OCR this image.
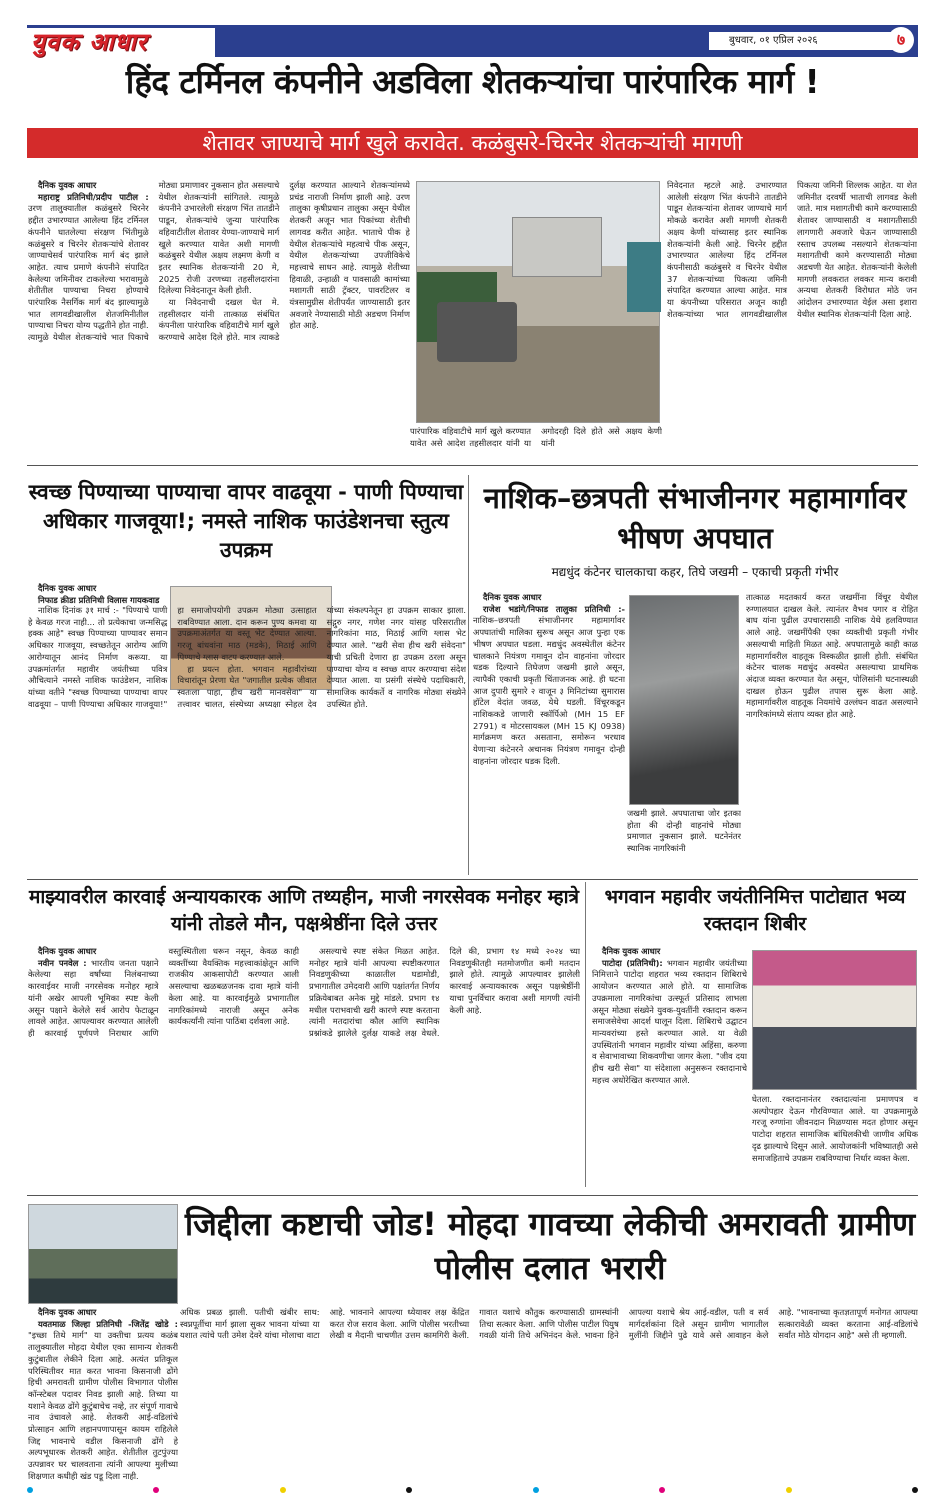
युवक आधार	बुधवार, ०१ एप्रिल २०२६	७
हिंद टर्मिनल कंपनीने अडविला शेतकऱ्यांचा पारंपारिक मार्ग !
शेतावर जाण्याचे मार्ग खुले करावेत. कळंबुसरे-चिरनेर शेतकऱ्यांची मागणी

दैनिक युवक आधार

महाराष्ट्र प्रतिनिधी/प्रदीप पाटील : उरण तालुक्यातील कळंबुसरे चिरनेर हद्दीत उभारण्यात आलेल्या हिंद टर्मिनल कंपनीने घातलेल्या संरक्षण भिंतीमुळे कळंबुसरे व चिरनेर शेतकऱ्यांचे शेतावर जाण्याचेसर्व पारंपारिक मार्ग बंद झाले आहेत. त्याच प्रमाणे कंपनीने संपादित केलेल्या जमिनीवर टाकलेल्या भरावामुळे शेतीतील पाण्याचा निचरा होण्याचे पारंपारिक नैसर्गिक मार्ग बंद झाल्यामुळे भात लागवडीखालील शेतजमिनीतील पाण्याचा निचरा योग्य पद्धतीने होत नाही. त्यामुळे येथील शेतकऱ्यांचे भात पिकाचे मोठ्या प्रमाणावर नुकसान होत असल्याचे येथील शेतकऱ्यांनी सांगितले. त्यामुळे कंपनीने उभारलेली संरक्षण भिंत तातडीने पाडून, शेतकऱ्यांचे जुन्या पारंपारिक वहिवाटीतील शेतावर येण्या-जाण्याचे मार्ग खुले करण्यात यावेत अशी मागणी कळंबुसरे येथील अक्षय लक्ष्मण केणी व इतर स्थानिक शेतकऱ्यांनी 20 मे, 2025 रोजी उरणच्या तहसीलदारांना दिलेल्या निवेदनातून केली होती.

या निवेदनाची दखल घेत मे. तहसीलदार यांनी तात्काळ संबंधित कंपनीला पारंपारिक वहिवाटीचे मार्ग खुले करण्याचे आदेश दिले होते. मात्र त्याकडे दुर्लक्ष करण्यात आल्याने शेतकऱ्यांमध्ये प्रचंड नाराजी निर्माण झाली आहे. उरण तालुका कृषीप्रधान तालुका असून येथील शेतकरी अजून भात पिकांच्या शेतीची लागवड करीत आहेत. भाताचे पीक हे येथील शेतकऱ्यांचे महत्वाचे पीक असून, येथील शेतकऱ्यांच्या उपजीविकेचे महत्त्वाचे साधन आहे. त्यामुळे शेतीच्या हिवाळी, उन्हाळी व पावसाळी कामांच्या मशागती साठी ट्रॅक्टर, पावरटिलर व यंत्रसामुग्रीस शेतीपर्यंत जाण्यासाठी इतर अवजारे नेण्यासाठी मोठी अडचण निर्माण होत आहे.

पारंपारिक वहिवाटीचे मार्ग खुले करण्यात यावेत असे आदेश तहसीलदार यांनी या अगोदरही दिले होते असे अक्षय केणी यांनी
निवेदनात म्हटले आहे. उभारण्यात आलेली संरक्षण भिंत कंपनीने तातडीने पाडून शेतकऱ्यांना शेतावर जाण्याचे मार्ग मोकळे करावेत अशी मागणी शेतकरी अक्षय केणी यांच्यासह इतर स्थानिक शेतकऱ्यांनी केली आहे. चिरनेर हद्दीत उभारण्यात आलेल्या हिंद टर्मिनल कंपनीसाठी कळंबुसरे व चिरनेर येथील 37 शेतकऱ्यांच्या पिकत्या जमिनी संपादित करण्यात आल्या आहेत. मात्र या कंपनीच्या परिसरात अजून काही शेतकऱ्यांच्या भात लागवडीखालील पिकत्या जमिनी शिल्लक आहेत. या शेत जमिनीत दरवर्षी भाताची लागवड केली जाते. मात्र मशागतीची कामे करण्यासाठी शेतावर जाण्यासाठी व मशागतीसाठी लागणारी अवजारे घेऊन जाण्यासाठी रस्ताच उपलब्ध नसल्याने शेतकऱ्यांना मशागतीची कामे करण्यासाठी मोठ्या अडचणी येत आहेत. शेतकऱ्यांनी केलेली मागणी लवकरात लवकर मान्य करावी अन्यथा शेतकरी विरोधात मोठे जन आंदोलन उभारण्यात येईल असा इशारा येथील स्थानिक शेतकऱ्यांनी दिला आहे.
स्वच्छ पिण्याच्या पाण्याचा वापर वाढवूया - पाणी पिण्याचा अधिकार गाजवूया!; नमस्ते नाशिक फाउंडेशनचा स्तुत्य उपक्रम

दैनिक युवक आधार

निफाड क्रीडा प्रतिनिधी विलास गायकवाड

नाशिक दिनांक ३१ मार्च :- "पिण्याचे पाणी हे केवळ गरज नाही... तो प्रत्येकाचा जन्मसिद्ध हक्क आहे" स्वच्छ पिण्याच्या पाण्यावर समान अधिकार गाजवूया, स्वच्छतेतून आरोग्य आणि आरोग्यातून आनंद निर्माण करूया. या उपक्रमांतर्गत महावीर जयंतीच्या पवित्र औचित्याने नमस्ते नाशिक फाउंडेशन, नाशिक यांच्या वतीने "स्वच्छ पिण्याच्या पाण्याचा वापर वाढवूया – पाणी पिण्याचा अधिकार गाजवूया!" हा समाजोपयोगी उपक्रम मोठ्या उत्साहात राबविण्यात आला. दान करून पुण्य कमवा या उपक्रमाअंतर्गत या वस्तू भेट देण्यात आल्या. गरजू बांधवांना माठ (मडके), मिठाई आणि पिण्याचे ग्लास वाटप करण्यात आले.

हा प्रयत्न होता. भगवान महावीरांच्या विचारांतून प्रेरणा घेत "जगातील प्रत्येक जीवात स्वतःला पाहा, हीच खरी मानवसेवा" या तत्त्वावर चालत, संस्थेच्या अध्यक्षा स्नेहल देव यांच्या संकल्पनेतून हा उपक्रम साकार झाला. सद्गुरु नगर, गणेश नगर यांसह परिसरातील नागरिकांना माठ, मिठाई आणि ग्लास भेट देण्यात आले. "खरी सेवा हीच खरी संवेदना" याची प्रचिती देणारा हा उपक्रम ठरला असून पाण्याचा योग्य व स्वच्छ वापर करण्याचा संदेश देण्यात आला. या प्रसंगी संस्थेचे पदाधिकारी, सामाजिक कार्यकर्ते व नागरिक मोठ्या संख्येने उपस्थित होते.

नाशिक–छत्रपती संभाजीनगर महामार्गावर भीषण अपघात
मद्यधुंद कंटेनर चालकाचा कहर, तिघे जखमी – एकाची प्रकृती गंभीर

दैनिक युवक आधार

राजेश भडांगे/निफाड तालुका प्रतिनिधी :- नाशिक–छत्रपती संभाजीनगर महामार्गावर अपघातांची मालिका सुरूच असून आज पुन्हा एक भीषण अपघात घडला. मद्यधुंद अवस्थेतील कंटेनर चालकाने नियंत्रण गमावून दोन वाहनांना जोरदार धडक दिल्याने तिघेजण जखमी झाले असून, त्यापैकी एकाची प्रकृती चिंताजनक आहे. ही घटना आज दुपारी सुमारे २ वाजून ३ मिनिटांच्या सुमारास हॉटेल वेदांत जवळ, येथे घडली. विंचूरकडून नाशिककडे जाणारी स्कॉर्पिओ (MH 15 EF 2791) व मोटरसायकल (MH 15 KJ 0938) मार्गक्रमण करत असताना, समोरून भरधाव येणाऱ्या कंटेनरने अचानक नियंत्रण गमावून दोन्ही वाहनांना जोरदार धडक दिली.

जखमी झाले. अपघाताचा जोर इतका होता की दोन्ही वाहनांचे मोठ्या प्रमाणात नुकसान झाले. घटनेनंतर स्थानिक नागरिकांनी
तात्काळ मदतकार्य करत जखमींना विंचूर येथील रुग्णालयात दाखल केले. त्यानंतर वैभव पगार व रोहित बाघ यांना पुढील उपचारासाठी नाशिक येथे हलविण्यात आले आहे. जखमींपैकी एका व्यक्तीची प्रकृती गंभीर असल्याची माहिती मिळत आहे. अपघातामुळे काही काळ महामार्गावरील वाहतूक विस्कळीत झाली होती. संबंधित कंटेनर चालक मद्यधुंद अवस्थेत असल्याचा प्राथमिक अंदाज व्यक्त करण्यात येत असून, पोलिसांनी घटनास्थळी दाखल होऊन पुढील तपास सुरू केला आहे. महामार्गावरील वाहतूक नियमांचे उल्लंघन वाढत असल्याने नागरिकांमध्ये संताप व्यक्त होत आहे.
माझ्यावरील कारवाई अन्यायकारक आणि तथ्यहीन, माजी नगरसेवक मनोहर म्हात्रे यांनी तोडले मौन, पक्षश्रेष्ठींना दिले उत्तर

दैनिक युवक आधार

नवीन पनवेल : भारतीय जनता पक्षाने केलेल्या सहा वर्षांच्या निलंबनाच्या कारवाईवर माजी नगरसेवक मनोहर म्हात्रे यांनी अखेर आपली भूमिका स्पष्ट केली असून पक्षाने केलेले सर्व आरोप फेटाळून लावले आहेत. आपल्यावर करण्यात आलेली ही कारवाई पूर्णपणे निराधार आणि वस्तुस्थितीला धरून नसून, केवळ काही व्यक्तींच्या वैयक्तिक महत्त्वाकांक्षेतून आणि राजकीय आकसापोटी करण्यात आली असल्याचा खळबळजनक दावा म्हात्रे यांनी केला आहे. या कारवाईमुळे प्रभागातील नागरिकांमध्ये नाराजी असून अनेक कार्यकर्त्यांनी त्यांना पाठिंबा दर्शवला आहे.

असल्याचे स्पष्ट संकेत मिळत आहेत. मनोहर म्हात्रे यांनी आपल्या स्पष्टीकरणात निवडणुकीच्या काळातील घडामोडी, प्रभागातील उमेदवारी आणि पक्षांतर्गत निर्णय प्रक्रियेबाबत अनेक मुद्दे मांडले. प्रभाग १४ मधील पराभवाची खरी कारणे स्पष्ट करताना त्यांनी मतदारांचा कौल आणि स्थानिक प्रश्नांकडे झालेले दुर्लक्ष याकडे लक्ष वेधले. दिले की, प्रभाग १४ मध्ये २०२४ च्या निवडणुकीतही मतमोजणीत कमी मतदान झाले होते. त्यामुळे आपल्यावर झालेली कारवाई अन्यायकारक असून पक्षश्रेष्ठींनी याचा पुनर्विचार करावा अशी मागणी त्यांनी केली आहे.

भगवान महावीर जयंतीनिमित्त पाटोद्यात भव्य रक्तदान शिबीर

दैनिक युवक आधार

पाटोदा (प्रतिनिधी): भगवान महावीर जयंतीच्या निमित्ताने पाटोदा शहरात भव्य रक्तदान शिबिराचे आयोजन करण्यात आले होते. या सामाजिक उपक्रमाला नागरिकांचा उत्स्फूर्त प्रतिसाद लाभला असून मोठ्या संख्येने युवक-युवतींनी रक्तदान करून समाजसेवेचा आदर्श घालून दिला. शिबिराचे उद्घाटन मान्यवरांच्या हस्ते करण्यात आले. या वेळी उपस्थितांनी भगवान महावीर यांच्या अहिंसा, करुणा व सेवाभावाच्या शिकवणीचा जागर केला. "जीव दया हीच खरी सेवा" या संदेशाला अनुसरून रक्तदानाचे महत्त्व अधोरेखित करण्यात आले.

घेतला. रक्तदानानंतर रक्तदात्यांना प्रमाणपत्र व अल्पोपहार देऊन गौरविण्यात आले. या उपक्रमामुळे गरजू रुग्णांना जीवनदान मिळण्यास मदत होणार असून पाटोदा शहरात सामाजिक बांधिलकीची जाणीव अधिक दृढ झाल्याचे दिसून आले. आयोजकांनी भविष्यातही असे समाजहिताचे उपक्रम राबविण्याचा निर्धार व्यक्त केला.
जिद्दीला कष्टाची जोड! मोहदा गावच्या लेकीची अमरावती ग्रामीण पोलीस दलात भरारी

दैनिक युवक आधार

यवतमाळ जिल्हा प्रतिनिधी -जितेंद्र खोडे : "इच्छा तिथे मार्ग" या उक्तीचा प्रत्यय कळंब तालुक्यातील मोहदा येथील एका सामान्य शेतकरी कुटुंबातील लेकीने दिला आहे. अत्यंत प्रतिकूल परिस्थितीवर मात करत भावना किसनाजी ढोंगे हिची अमरावती ग्रामीण पोलीस विभागात पोलीस कॉन्स्टेबल पदावर निवड झाली आहे. तिच्या या यशाने केवळ ढोंगे कुटुंबाचेच नव्हे, तर संपूर्ण गावाचे नाव उंचावले आहे. शेतकरी आई-वडिलांचे प्रोत्साहन आणि लहानपणापासून कायम राहिलेले जिद्द भावनाचे वडील किसनाजी ढोंगे हे अल्पभूधारक शेतकरी आहेत. शेतीतील तुटपुंज्या उत्पन्नावर घर चालवताना त्यांनी आपल्या मुलीच्या शिक्षणात कधीही खंड पडू दिला नाही.

अधिक प्रबळ झाली. पतीची खंबीर साथ: स्वप्नपूर्तीचा मार्ग झाला सुकर भावना यांच्या या यशात त्यांचे पती उमेश देवरे यांचा मोलाचा वाटा आहे. भावनाने आपल्या ध्येयावर लक्ष केंद्रित करत रोज सराव केला. आणि पोलीस भरतीच्या लेखी व मैदानी चाचणीत उत्तम कामगिरी केली. गावात यशाचे कौतुक करण्यासाठी ग्रामस्थांनी तिचा सत्कार केला. आणि पोलीस पाटील पियुष गवळी यांनी तिचे अभिनंदन केले. भावना हिने आपल्या यशाचे श्रेय आई-वडील, पती व सर्व मार्गदर्शकांना दिले असून ग्रामीण भागातील मुलींनी जिद्दीने पुढे यावे असे आवाहन केले आहे. "भावनाच्या कृतज्ञतापूर्ण मनोगत आपल्या सत्कारावेळी व्यक्त करताना आई-वडिलांचे सर्वांत मोठे योगदान आहे" असे ती म्हणाली.
